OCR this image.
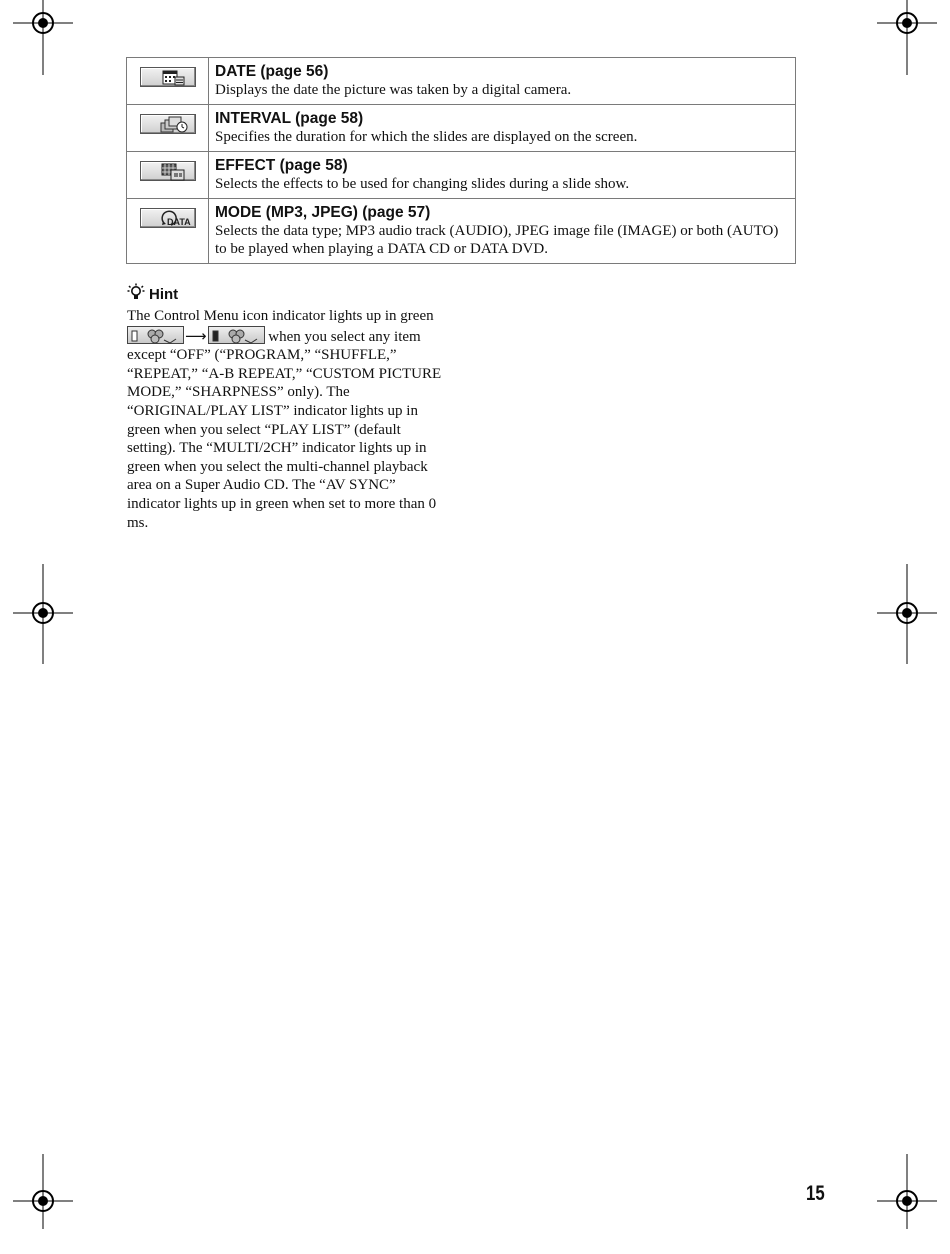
DATE (page 56)
Displays the date the picture was taken by a digital camera.

INTERVAL (page 58)
Specifies the duration for which the slides are displayed on the screen.

EFFECT (page 58)
Selects the effects to be used for changing slides during a slide show.

DATA	MODE (MP3, JPEG) (page 57)
Selects the data type; MP3 audio track (AUDIO), JPEG image file (IMAGE) or both (AUTO) to be played when playing a DATA CD or DATA DVD.
Hint
The Control Menu icon indicator lights up in green
⟶	when you select any item except “OFF” (“PROGRAM,” “SHUFFLE,” “REPEAT,” “A-B REPEAT,” “CUSTOM PICTURE MODE,” “SHARPNESS” only). The “ORIGINAL/PLAY LIST” indicator lights up in green when you select “PLAY LIST” (default setting). The “MULTI/2CH” indicator lights up in green when you select the multi-channel playback area on a Super Audio CD. The “AV SYNC” indicator lights up in green when set to more than 0 ms.
15
